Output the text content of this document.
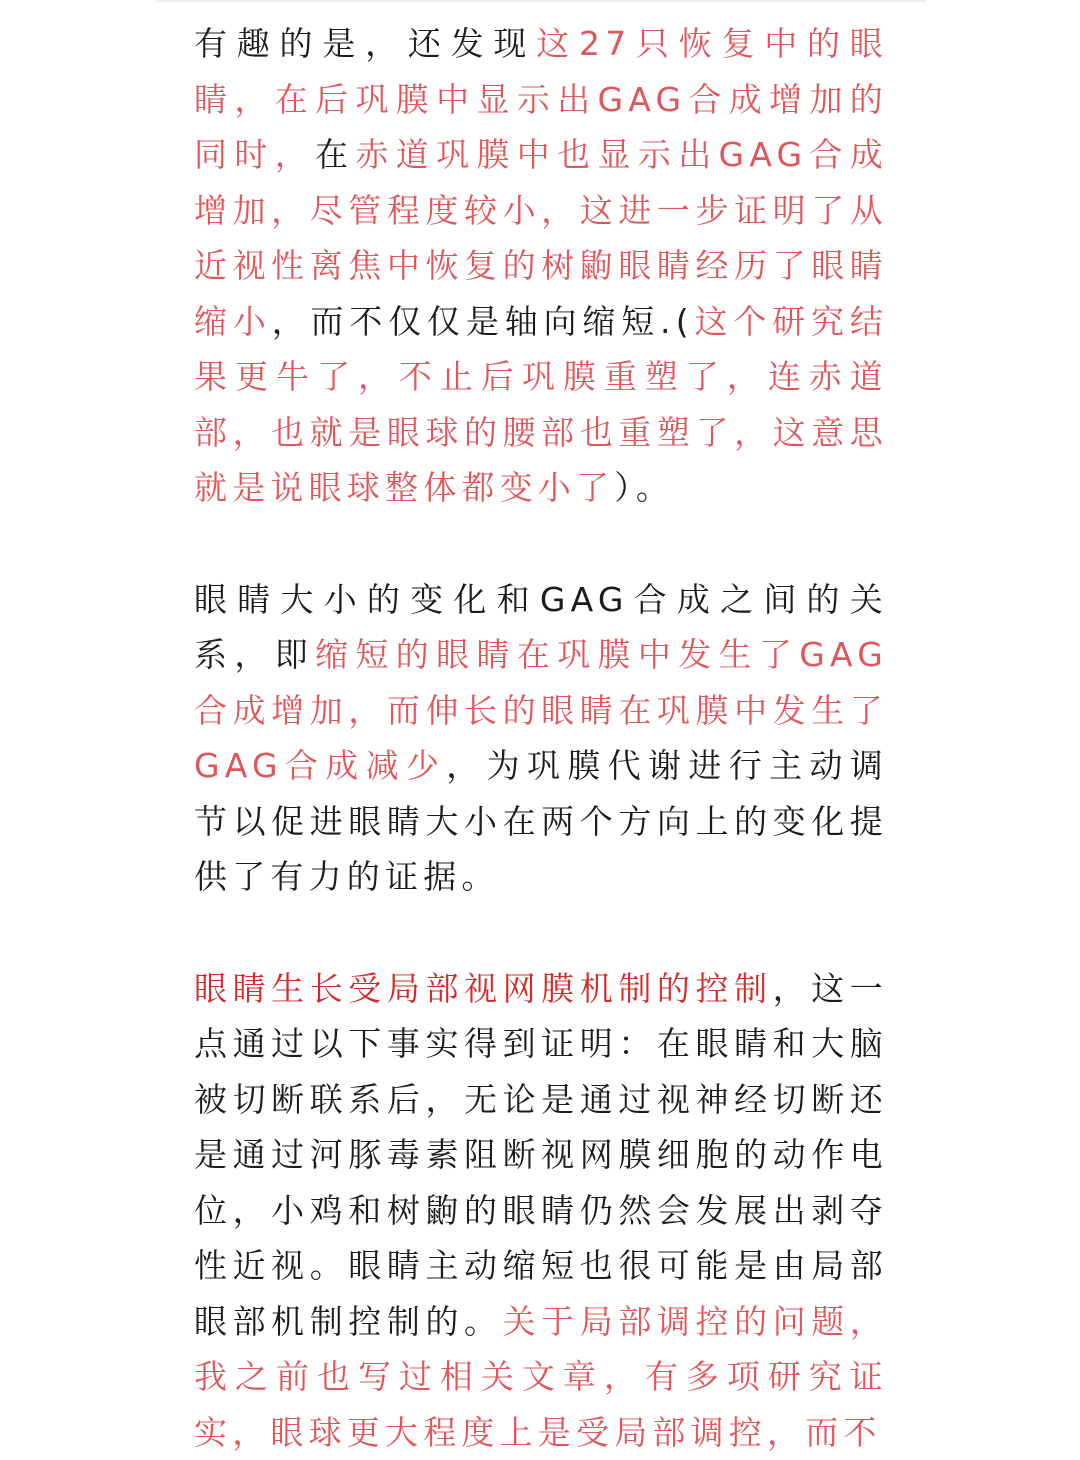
有趣的是，还发现这27只恢复中的眼睛，在后巩膜中显示出GAG合成增加的同时，在赤道巩膜中也显示出GAG合成增加，尽管程度较小，这进一步证明了从近视性离焦中恢复的树鼩眼睛经历了眼睛缩小，而不仅仅是轴向缩短.(这个研究结果更牛了，不止后巩膜重塑了，连赤道部，也就是眼球的腰部也重塑了，这意思就是说眼球整体都变小了）。

眼睛大小的变化和GAG合成之间的关系，即缩短的眼睛在巩膜中发生了GAG合成增加，而伸长的眼睛在巩膜中发生了GAG合成减少，为巩膜代谢进行主动调节以促进眼睛大小在两个方向上的变化提供了有力的证据。

眼睛生长受局部视网膜机制的控制，这一点通过以下事实得到证明：在眼睛和大脑被切断联系后，无论是通过视神经切断还是通过河豚毒素阻断视网膜细胞的动作电位，小鸡和树鼩的眼睛仍然会发展出剥夺性近视。眼睛主动缩短也很可能是由局部眼部机制控制的。关于局部调控的问题，我之前也写过相关文章，有多项研究证实，眼球更大程度上是受局部调控，而不
